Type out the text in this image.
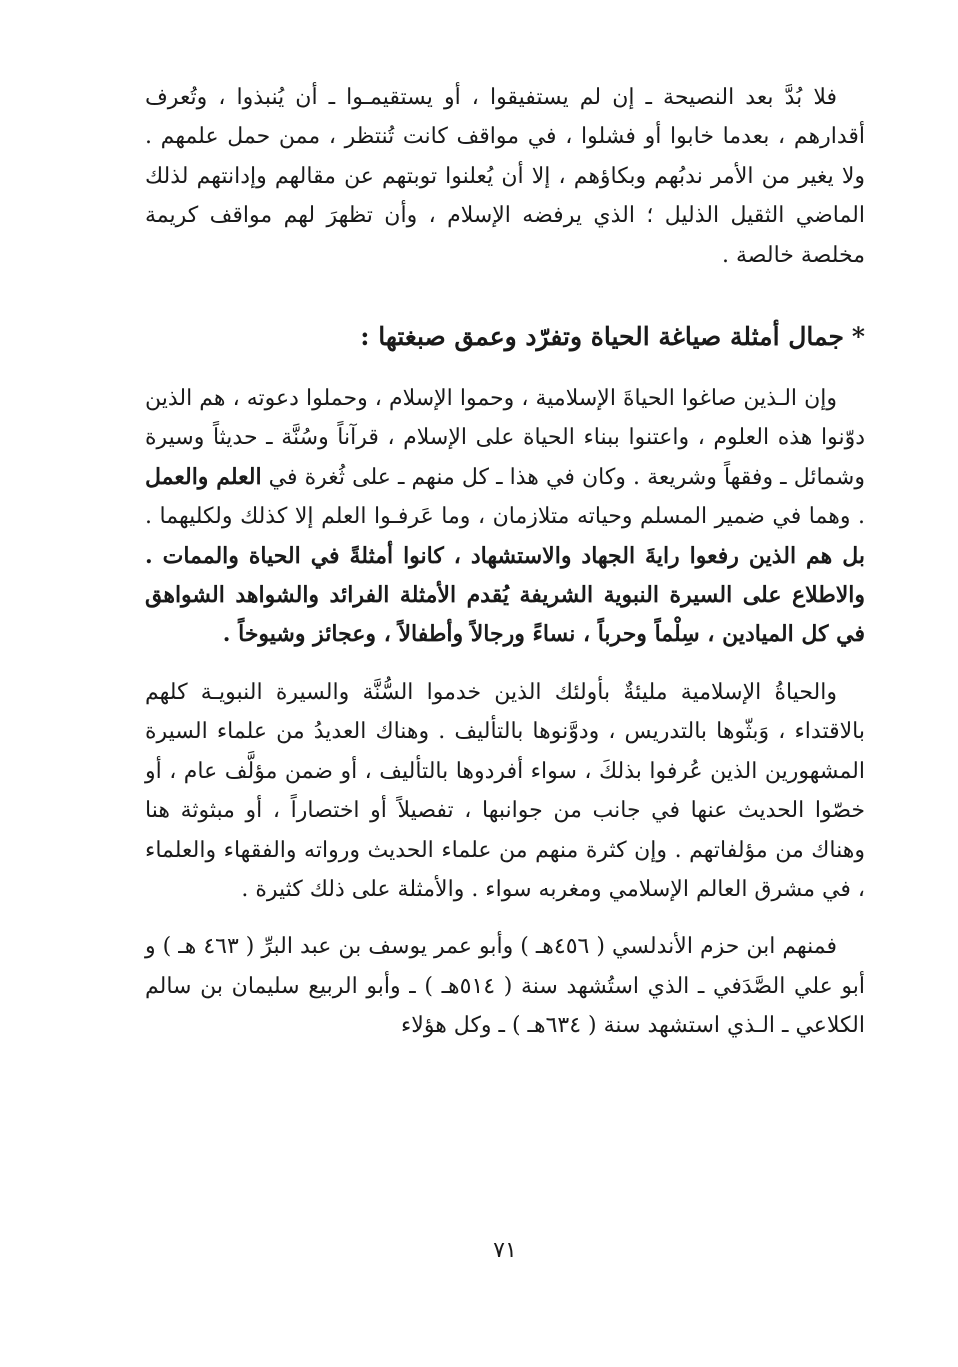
فلا بُدَّ بعد النصيحة ـ إن لم يستفيقوا ، أو يستقيمـوا ـ أن يُنبذوا ، وتُعرف أقدارهم ، بعدما خابوا أو فشلوا ، في مواقف كانت تُنتظر ، ممن حمل علمهم . ولا يغير من الأمر ندبُهم وبكاؤهم ، إلا أن يُعلنوا توبتهم عن مقالهم وإدانتهم لذلك الماضي الثقيل الذليل ؛ الذي يرفضه الإسلام ، وأن تظهرَ لهم مواقف كريمة مخلصة خالصة .

*جمال أمثلة صياغة الحياة وتفرّد وعمق صبغتها :

وإن الـذين صاغوا الحياةَ الإسلامية ، وحموا الإسلام ، وحملوا دعوته ، هم الذين دوّنوا هذه العلوم ، واعتنوا ببناء الحياة على الإسلام ، قرآناً وسُنَّة ـ حديثاً وسيرة وشمائل ـ وفقهاً وشريعة . وكان في هذا ـ كل منهم ـ على ثُغرة في العلم والعمل . وهما في ضمير المسلم وحياته متلازمان ، وما عَرفـوا العلم إلا كذلك ولكليهما . بل هم الذين رفعوا رايةَ الجهاد والاستشهاد ، كانوا أمثلةً في الحياة والممات . والاطلاع على السيرة النبوية الشريفة يُقدم الأمثلة الفرائد والشواهد الشواهق في كل الميادين ، سِلْماً وحرباً ، نساءً ورجالاً وأطفالاً ، وعجائز وشيوخاً .

والحياةُ الإسلامية مليئةٌ بأولئك الذين خدموا السُّنَّة والسيرة النبويـة كلهم بالاقتداء ، وَبثّوها بالتدريس ، ودوَّنوها بالتأليف . وهناك العديدُ من علماء السيرة المشهورين الذين عُرفوا بذلكَ ، سواء أفردوها بالتأليف ، أو ضمن مؤلَّف عام ، أو خصّوا الحديث عنها في جانب من جوانبها ، تفصيلاً أو اختصاراً ، أو مبثوثة هنا وهناك من مؤلفاتهم . وإن كثرة منهم من علماء الحديث ورواته والفقهاء والعلماء ، في مشرق العالم الإسلامي ومغربه سواء . والأمثلة على ذلك كثيرة .

فمنهم ابن حزم الأندلسي ( ٤٥٦هـ ) وأبو عمر يوسف بن عبد البرِّ ( ٤٦٣ هـ ) و أبو علي الصَّدَفي ـ الذي استُشهد سنة ( ٥١٤هـ ) ـ وأبو الربيع سليمان بن سالم الكلاعي ـ الـذي استشهد سنة ( ٦٣٤هـ ) ـ وكل هؤلاء

٧١
